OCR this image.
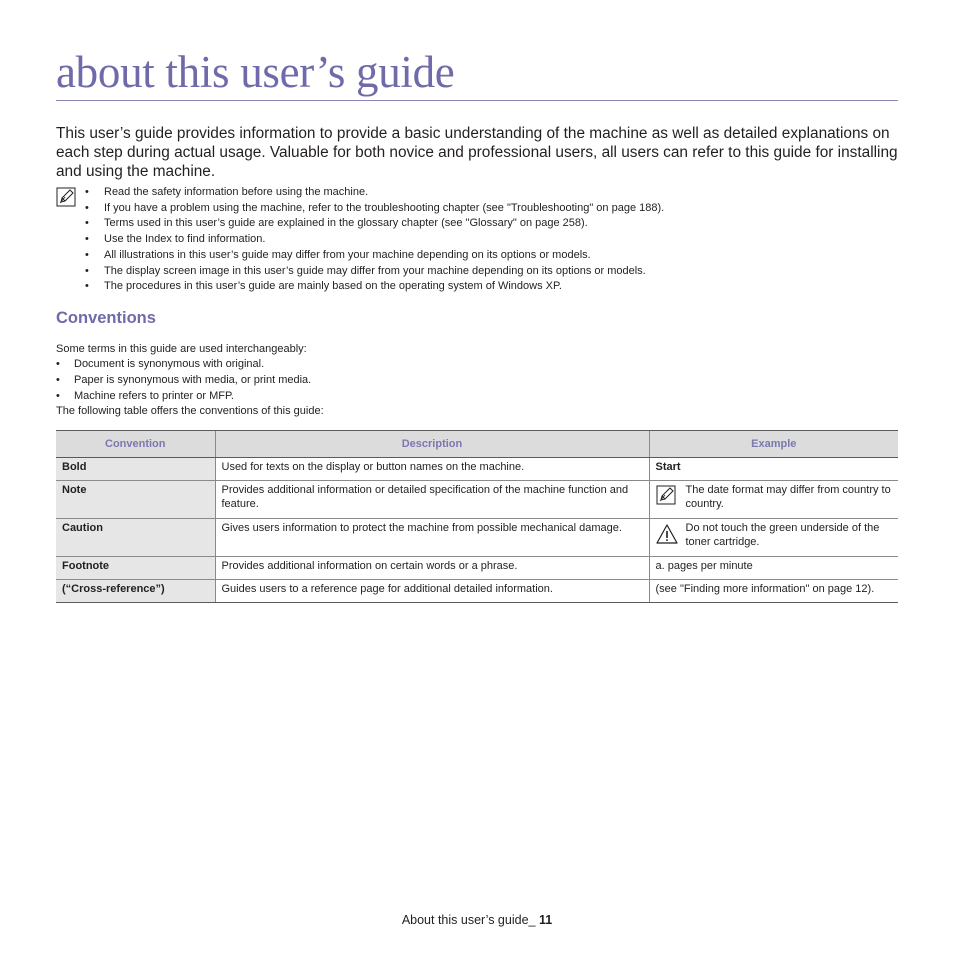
about this user’s guide

This user’s guide provides information to provide a basic understanding of the machine as well as detailed explanations on each step during actual usage. Valuable for both novice and professional users, all users can refer to this guide for installing and using the machine.

• Read the safety information before using the machine.
• If you have a problem using the machine, refer to the troubleshooting chapter (see "Troubleshooting" on page 188).
• Terms used in this user’s guide are explained in the glossary chapter (see "Glossary" on page 258).
• Use the Index to find information.
• All illustrations in this user’s guide may differ from your machine depending on its options or models.
• The display screen image in this user’s guide may differ from your machine depending on its options or models.
• The procedures in this user’s guide are mainly based on the operating system of Windows XP.
Conventions

Some terms in this guide are used interchangeably:

• Document is synonymous with original.
• Paper is synonymous with media, or print media.
• Machine refers to printer or MFP.

The following table offers the conventions of this guide:

Convention	Description	Example
Bold	Used for texts on the display or button names on the machine.	Start
Note	Provides additional information or detailed specification of the machine function and feature.	The date format may differ from country to country.

Caution	Gives users information to protect the machine from possible mechanical damage.	Do not touch the green underside of the toner cartridge.

Footnote	Provides additional information on certain words or a phrase.	a. pages per minute
(“Cross-reference”)	Guides users to a reference page for additional detailed information.	(see "Finding more information" on page 12).
About this user’s guide_ 11
